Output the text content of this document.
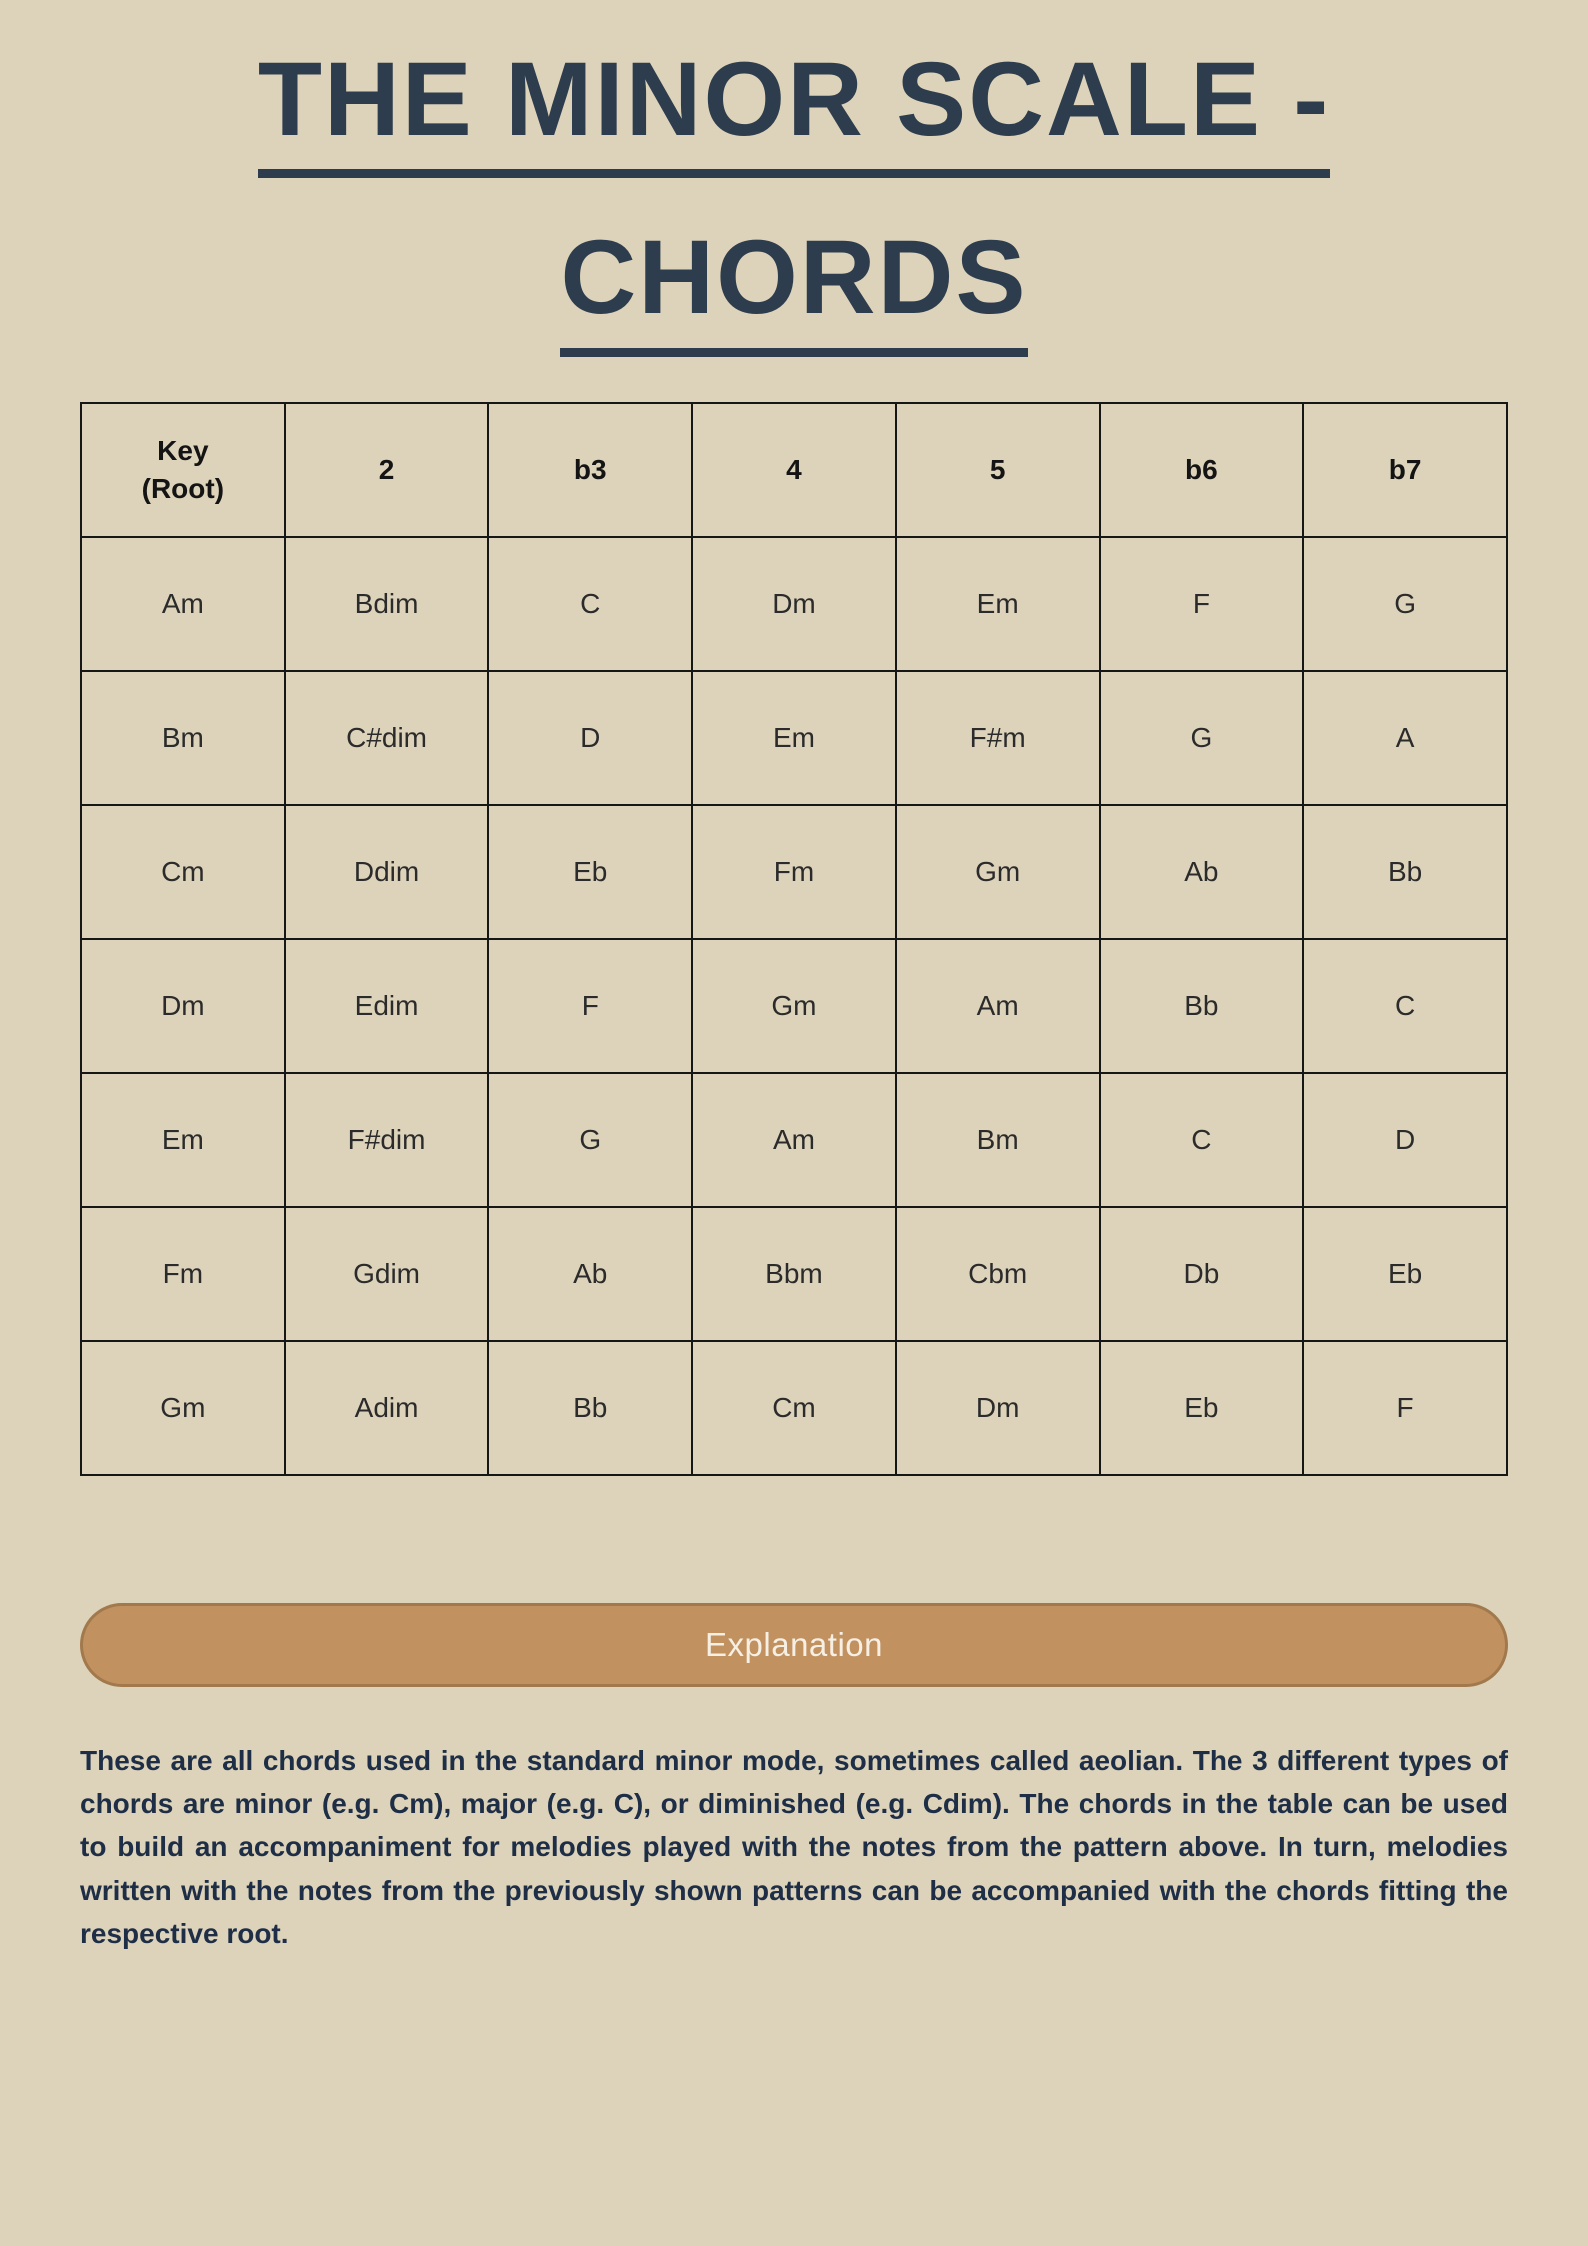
THE MINOR SCALE -
CHORDS
Key (Root)	2	b3	4	5	b6	b7
Am	Bdim	C	Dm	Em	F	G
Bm	C#dim	D	Em	F#m	G	A
Cm	Ddim	Eb	Fm	Gm	Ab	Bb
Dm	Edim	F	Gm	Am	Bb	C
Em	F#dim	G	Am	Bm	C	D
Fm	Gdim	Ab	Bbm	Cbm	Db	Eb
Gm	Adim	Bb	Cm	Dm	Eb	F
Explanation

These are all chords used in the standard minor mode, sometimes called aeolian. The 3 different types of chords are minor (e.g. Cm), major (e.g. C), or diminished (e.g. Cdim). The chords in the table can be used to build an accompaniment for melodies played with the notes from the pattern above. In turn, melodies written with the notes from the previously shown patterns can be accompanied with the chords fitting the respective root.
